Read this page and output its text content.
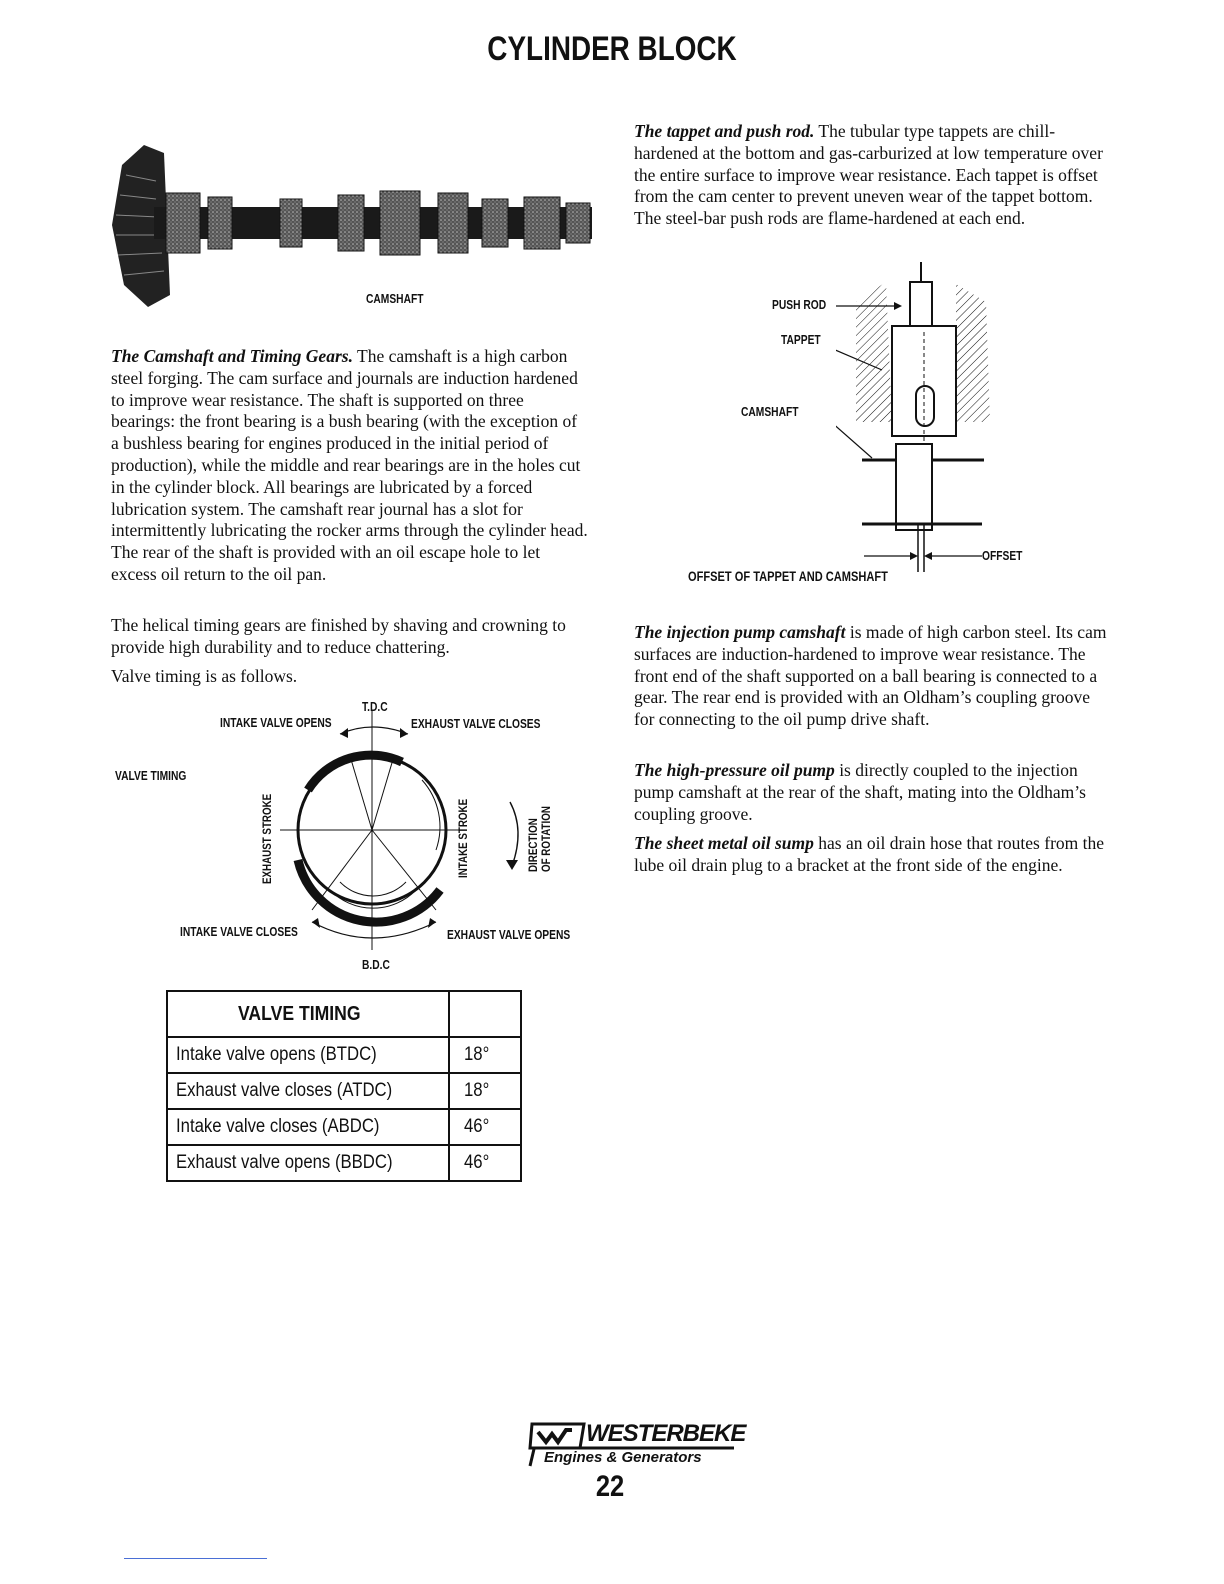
CYLINDER BLOCK
CAMSHAFT
The Camshaft and Timing Gears. The camshaft is a high carbon steel forging. The cam surface and journals are induction hardened to improve wear resistance. The shaft is supported on three bearings: the front bearing is a bush bearing (with the exception of a bushless bearing for engines produced in the initial period of production), while the middle and rear bearings are in the holes cut in the cylinder block. All bearings are lubricated by a forced lubrication system. The camshaft rear journal has a slot for intermittently lubricating the rocker arms through the cylinder head. The rear of the shaft is provided with an oil escape hole to let excess oil return to the oil pan.
The helical timing gears are finished by shaving and crowning to provide high durability and to reduce chattering.
Valve timing is as follows.
T.D.C
INTAKE VALVE OPENS	EXHAUST VALVE CLOSES
VALVE TIMING
EXHAUST STROKE	INTAKE STROKE	DIRECTION OF ROTATION
INTAKE VALVE CLOSES	EXHAUST VALVE OPENS
B.D.C
VALVE TIMING	
Intake valve opens (BTDC)	18°
Exhaust valve closes (ATDC)	18°
Intake valve closes (ABDC)	46°
Exhaust valve opens (BBDC)	46°
The tappet and push rod. The tubular type tappets are chill-hardened at the bottom and gas-carburized at low temperature over the entire surface to improve wear resistance. Each tappet is offset from the cam center to prevent uneven wear of the tappet bottom. The steel-bar push rods are flame-hardened at each end.
PUSH ROD
TAPPET
CAMSHAFT
OFFSET
OFFSET OF TAPPET AND CAMSHAFT
The injection pump camshaft is made of high carbon steel. Its cam surfaces are induction-hardened to improve wear resistance. The front end of the shaft supported on a ball bearing is connected to a gear. The rear end is provided with an Oldham’s coupling groove for connecting to the oil pump drive shaft.
The high-pressure oil pump is directly coupled to the injection pump camshaft at the rear of the shaft, mating into the Oldham’s coupling groove.
The sheet metal oil sump has an oil drain hose that routes from the lube oil drain plug to a bracket at the front side of the engine.
WESTERBEKE
Engines & Generators
22
